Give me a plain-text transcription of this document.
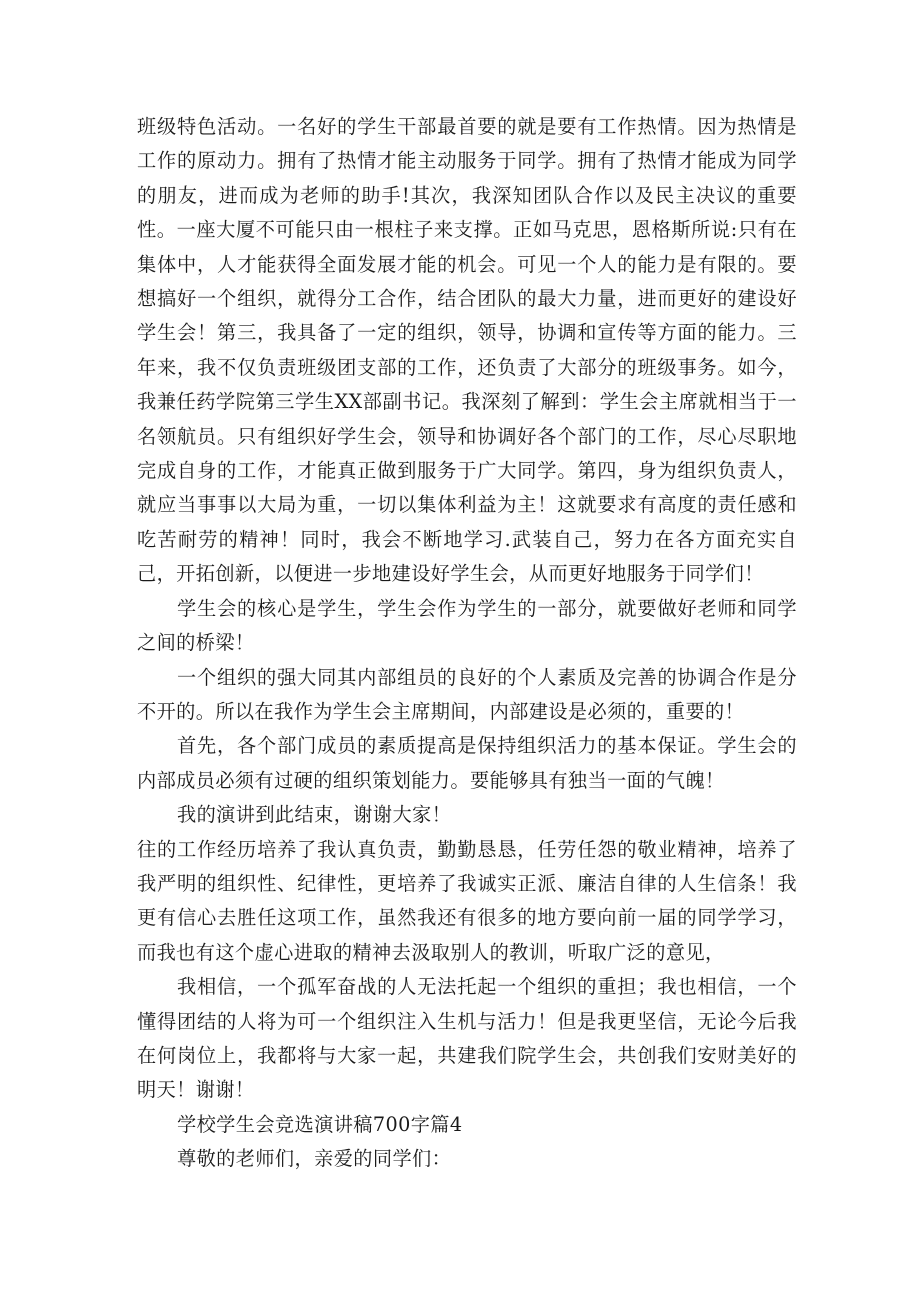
班级特色活动。一名好的学生干部最首要的就是要有工作热情。因为热情是工作的原动力。拥有了热情才能主动服务于同学。拥有了热情才能成为同学的朋友，进而成为老师的助手!其次，我深知团队合作以及民主决议的重要性。一座大厦不可能只由一根柱子来支撑。正如马克思，恩格斯所说:只有在集体中，人才能获得全面发展才能的机会。可见一个人的能力是有限的。要想搞好一个组织，就得分工合作，结合团队的最大力量，进而更好的建设好学生会！第三，我具备了一定的组织，领导，协调和宣传等方面的能力。三年来，我不仅负责班级团支部的工作，还负责了大部分的班级事务。如今，我兼任药学院第三学生XX部副书记。我深刻了解到：学生会主席就相当于一名领航员。只有组织好学生会，领导和协调好各个部门的工作，尽心尽职地完成自身的工作，才能真正做到服务于广大同学。第四，身为组织负责人，就应当事事以大局为重，一切以集体利益为主！这就要求有高度的责任感和吃苦耐劳的精神！同时，我会不断地学习.武装自己，努力在各方面充实自己，开拓创新，以便进一步地建设好学生会，从而更好地服务于同学们！

学生会的核心是学生，学生会作为学生的一部分，就要做好老师和同学之间的桥梁！

一个组织的强大同其内部组员的良好的个人素质及完善的协调合作是分不开的。所以在我作为学生会主席期间，内部建设是必须的，重要的！

首先，各个部门成员的素质提高是保持组织活力的基本保证。学生会的内部成员必须有过硬的组织策划能力。要能够具有独当一面的气魄！

我的演讲到此结束，谢谢大家！

往的工作经历培养了我认真负责，勤勤恳恳，任劳任怨的敬业精神，培养了我严明的组织性、纪律性，更培养了我诚实正派、廉洁自律的人生信条！我更有信心去胜任这项工作，虽然我还有很多的地方要向前一届的同学学习，而我也有这个虚心进取的精神去汲取别人的教训，听取广泛的意见，

我相信，一个孤军奋战的人无法托起一个组织的重担；我也相信，一个懂得团结的人将为可一个组织注入生机与活力！但是我更坚信，无论今后我在何岗位上，我都将与大家一起，共建我们院学生会，共创我们安财美好的明天！谢谢！

学校学生会竞选演讲稿700字篇4

尊敬的老师们，亲爱的同学们：
